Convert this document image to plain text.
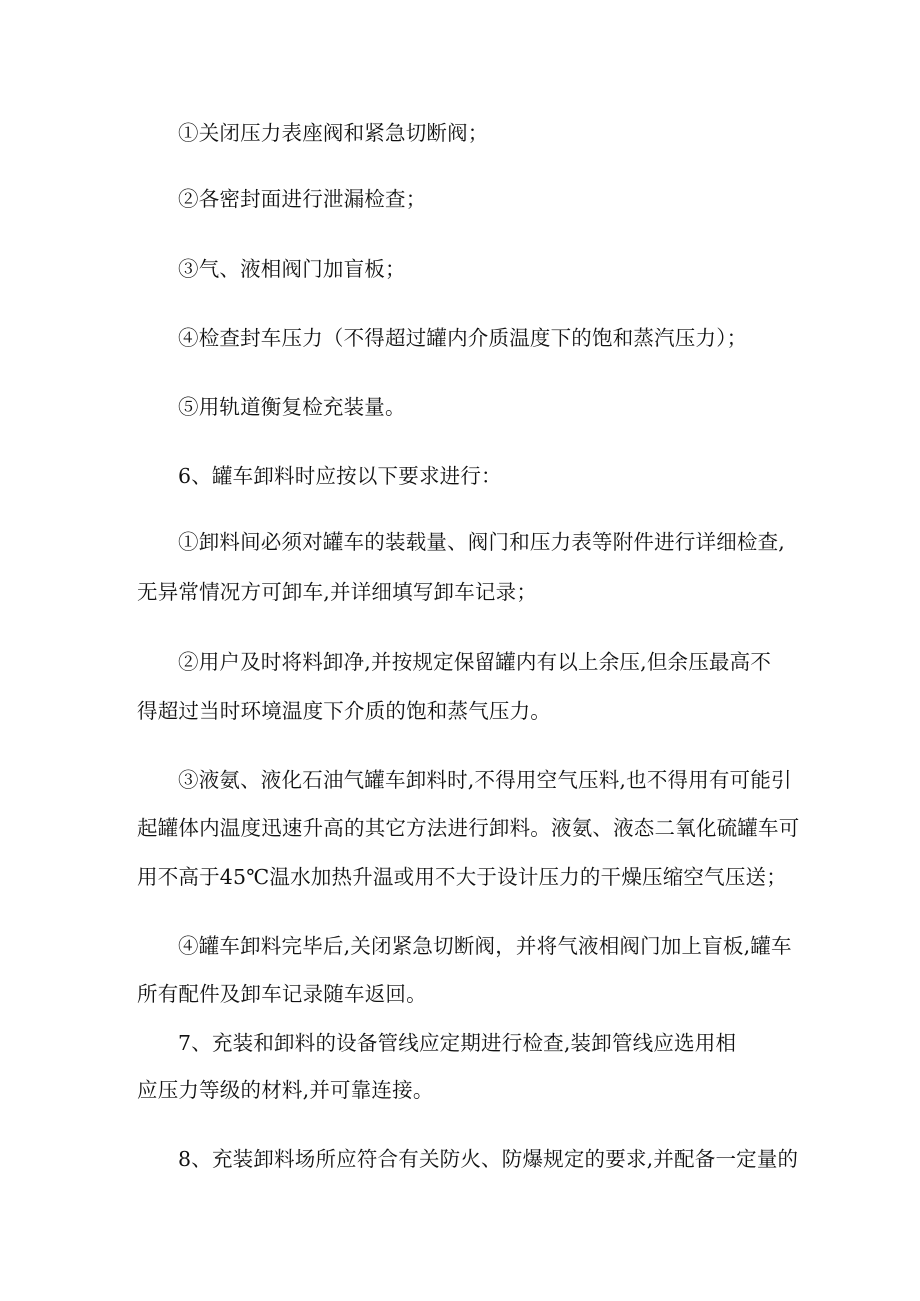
①关闭压力表座阀和紧急切断阀；
②各密封面进行泄漏检查；
③气、液相阀门加盲板；
④检查封车压力（不得超过罐内介质温度下的饱和蒸汽压力）；
⑤用轨道衡复检充装量。
6、罐车卸料时应按以下要求进行：
①卸料间必须对罐车的装载量、阀门和压力表等附件进行详细检查,
无异常情况方可卸车,并详细填写卸车记录；
②用户及时将料卸净,并按规定保留罐内有以上余压,但余压最高不
得超过当时环境温度下介质的饱和蒸气压力。
③液氨、液化石油气罐车卸料时,不得用空气压料,也不得用有可能引
起罐体内温度迅速升高的其它方法进行卸料。液氨、液态二氧化硫罐车可
用不高于45℃温水加热升温或用不大于设计压力的干燥压缩空气压送；
④罐车卸料完毕后,关闭紧急切断阀，并将气液相阀门加上盲板,罐车
所有配件及卸车记录随车返回。
7、充装和卸料的设备管线应定期进行检查,装卸管线应选用相
应压力等级的材料,并可靠连接。
8、充装卸料场所应符合有关防火、防爆规定的要求,并配备一定量的
